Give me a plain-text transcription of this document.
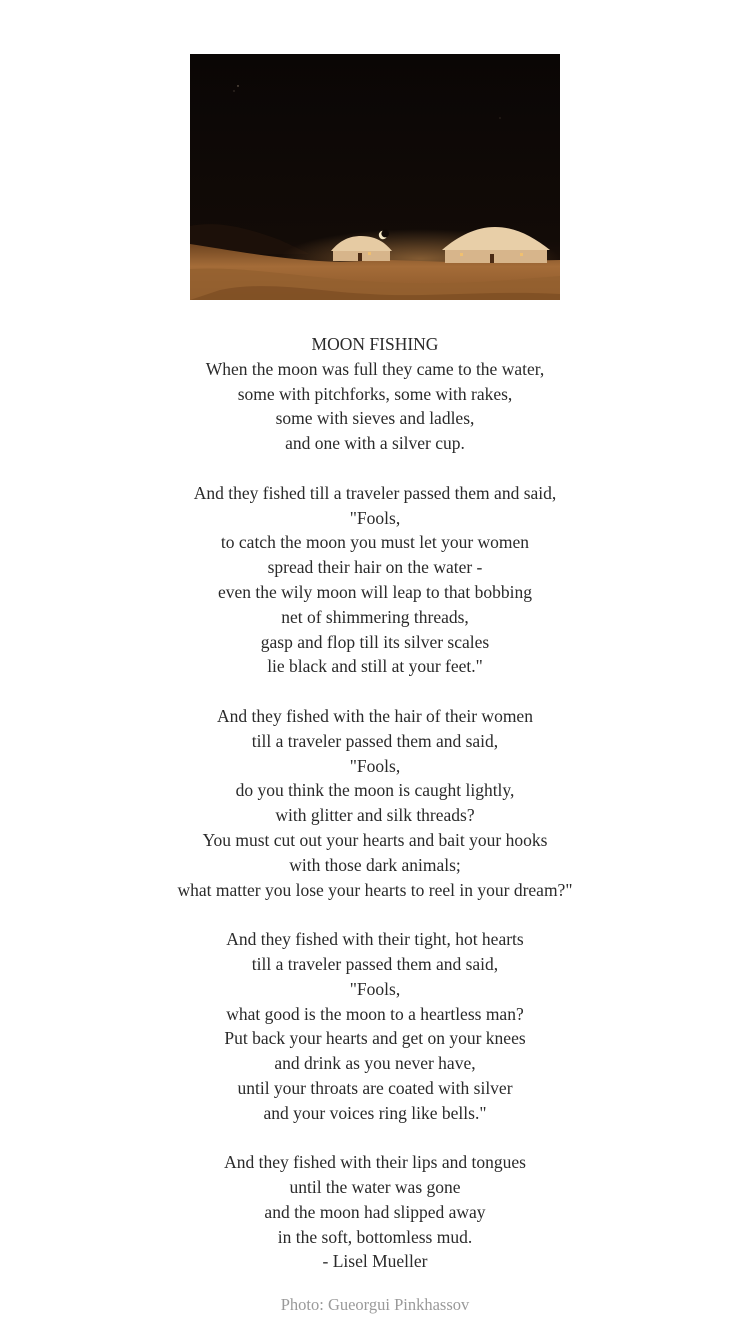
MOON FISHING
When the moon was full they came to the water,
some with pitchforks, some with rakes,
some with sieves and ladles,
and one with a silver cup.
And they fished till a traveler passed them and said,
"Fools,
to catch the moon you must let your women
spread their hair on the water -
even the wily moon will leap to that bobbing
net of shimmering threads,
gasp and flop till its silver scales
lie black and still at your feet."
And they fished with the hair of their women
till a traveler passed them and said,
"Fools,
do you think the moon is caught lightly,
with glitter and silk threads?
You must cut out your hearts and bait your hooks
with those dark animals;
what matter you lose your hearts to reel in your dream?"
And they fished with their tight, hot hearts
till a traveler passed them and said,
"Fools,
what good is the moon to a heartless man?
Put back your hearts and get on your knees
and drink as you never have,
until your throats are coated with silver
and your voices ring like bells."
And they fished with their lips and tongues
until the water was gone
and the moon had slipped away
in the soft, bottomless mud.
- Lisel Mueller
Photo: Gueorgui Pinkhassov
